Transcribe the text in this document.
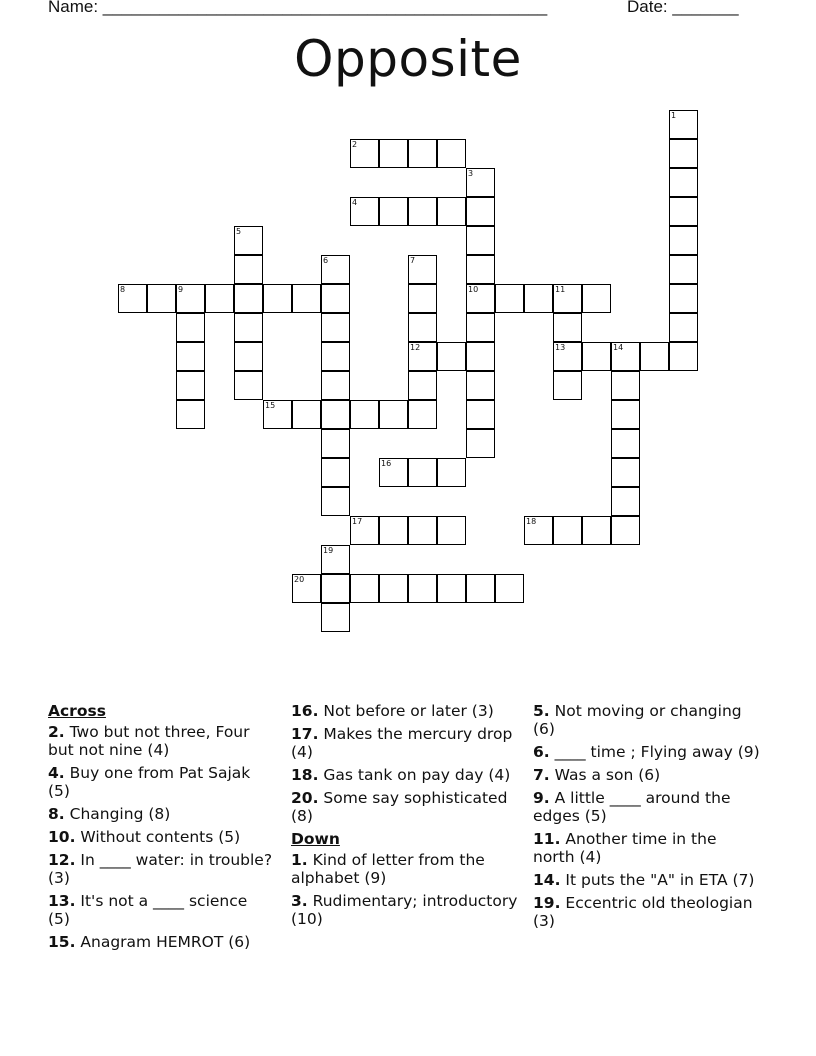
Name: _______________________________________________	Date: _______
Opposite
1
2
3
10
4
5
6	7
12
8	9	11
13	14
15
16
17	18
19
20
Across
2. Two but not three, Four but not nine (4)
4. Buy one from Pat Sajak (5)
8. Changing (8)
10. Without contents (5)
12. In ____ water: in trouble? (3)
13. It's not a ____ science (5)
15. Anagram HEMROT (6)
16. Not before or later (3)
17. Makes the mercury drop (4)
18. Gas tank on pay day (4)
20. Some say sophisticated (8)
Down
1. Kind of letter from the alphabet (9)
3. Rudimentary; introductory (10)
5. Not moving or changing (6)
6. ____ time ; Flying away (9)
7. Was a son (6)
9. A little ____ around the edges (5)
11. Another time in the north (4)
14. It puts the "A" in ETA (7)
19. Eccentric old theologian (3)
